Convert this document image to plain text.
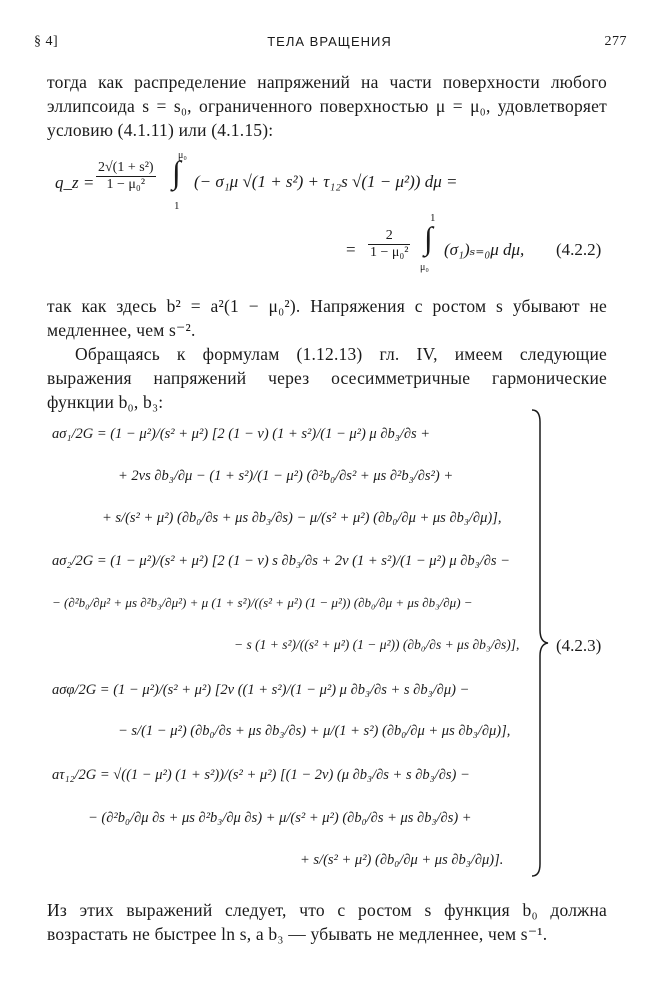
§ 4]	ТЕЛА ВРАЩЕНИЯ	277
тогда как распределение напряжений на части поверхности любого эллипсоида s = s₀, ограниченного поверхностью μ = μ₀, удовлетворяет условию (4.1.11) или (4.1.15):
q_z = $\frac{\text{2√(1 + s²)}}{\text{1 − μ₀²}}$
μ₀
∫
1
(− σ₁μ √(1 + s²) + τ₁₂s √(1 − μ²)) dμ =
= $\frac{2}{\text{1 − μ₀²}}$
1
∫
μ₀
(σ₁)ₛ₌₀μ dμ, (4.2.2)
так как здесь b² = a²(1 − μ₀²). Напряжения с ростом s убывают не медленнее, чем s⁻².
Обращаясь к формулам (1.12.13) гл. IV, имеем следующие выражения напряжений через осесимметричные гармонические функции b₀, b₃:
aσ₁/2G = (1 − μ²)/(s² + μ²) [2 (1 − ν) (1 + s²)/(1 − μ²) μ ∂b₃/∂s +
+ 2νs ∂b₃/∂μ − (1 + s²)/(1 − μ²) (∂²b₀/∂s² + μs ∂²b₃/∂s²) +
+ s/(s² + μ²) (∂b₀/∂s + μs ∂b₃/∂s) − μ/(s² + μ²) (∂b₀/∂μ + μs ∂b₃/∂μ)],
aσ₂/2G = (1 − μ²)/(s² + μ²) [2 (1 − ν) s ∂b₃/∂s + 2ν (1 + s²)/(1 − μ²) μ ∂b₃/∂s −
− (∂²b₀/∂μ² + μs ∂²b₃/∂μ²) + μ (1 + s²)/((s² + μ²) (1 − μ²)) (∂b₀/∂μ + μs ∂b₃/∂μ) −
− s (1 + s²)/((s² + μ²) (1 − μ²)) (∂b₀/∂s + μs ∂b₃/∂s)],
aσφ/2G = (1 − μ²)/(s² + μ²) [2ν ((1 + s²)/(1 − μ²) μ ∂b₃/∂s + s ∂b₃/∂μ) −
− s/(1 − μ²) (∂b₀/∂s + μs ∂b₃/∂s) + μ/(1 + s²) (∂b₀/∂μ + μs ∂b₃/∂μ)],
aτ₁₂/2G = √((1 − μ²) (1 + s²))/(s² + μ²) [(1 − 2ν) (μ ∂b₃/∂s + s ∂b₃/∂s) −
− (∂²b₀/∂μ ∂s + μs ∂²b₃/∂μ ∂s) + μ/(s² + μ²) (∂b₀/∂s + μs ∂b₃/∂s) +
+ s/(s² + μ²) (∂b₀/∂μ + μs ∂b₃/∂μ)].
(4.2.3)
Из этих выражений следует, что с ростом s функция b₀ должна возрастать не быстрее ln s, а b₃ — убывать не медленнее, чем s⁻¹.
